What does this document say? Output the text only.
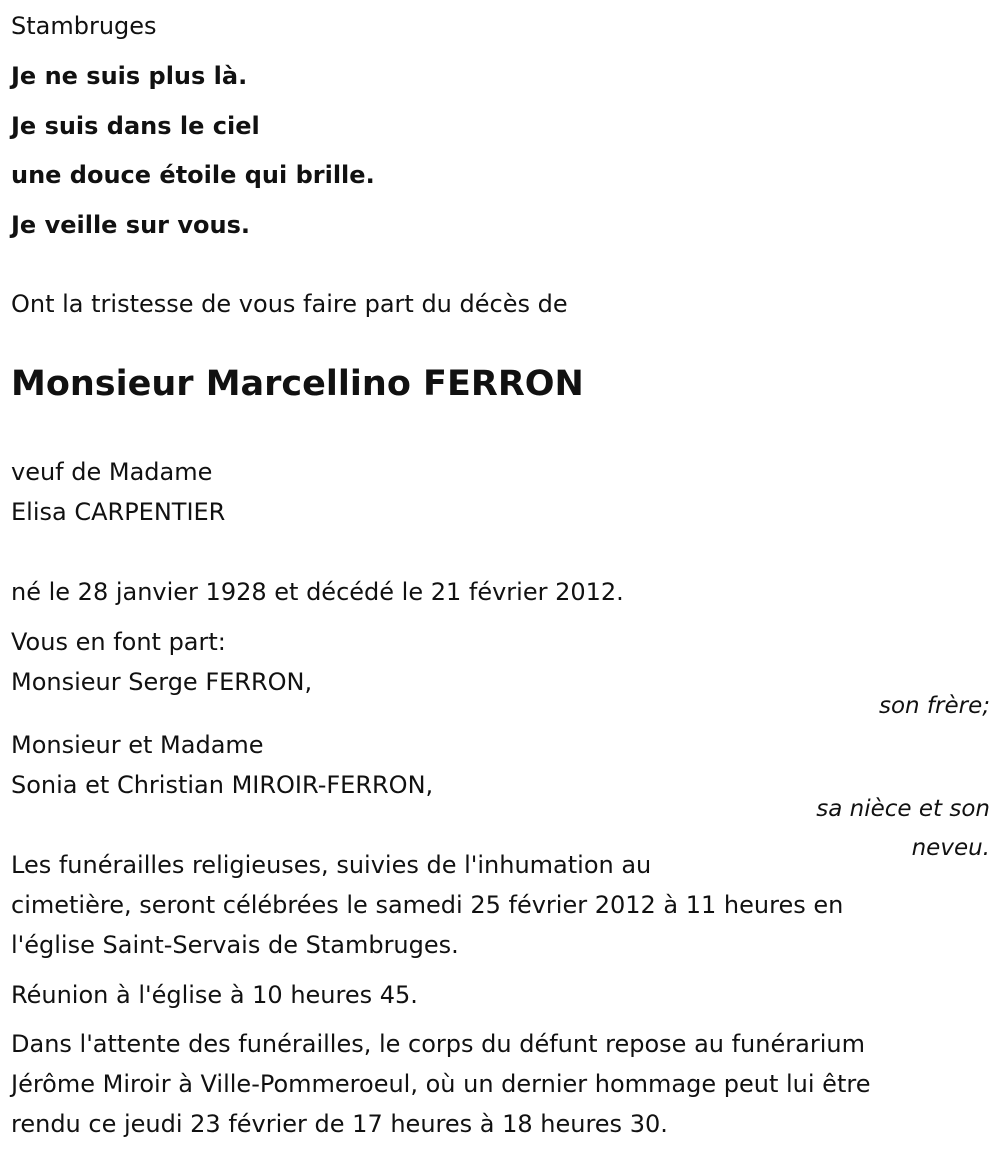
Stambruges
Je ne suis plus là.
Je suis dans le ciel
une douce étoile qui brille.
Je veille sur vous.
Ont la tristesse de vous faire part du décès de
Monsieur Marcellino FERRON
veuf de Madame
Elisa CARPENTIER
né le 28 janvier 1928 et décédé le 21 février 2012.
Vous en font part:
Monsieur Serge FERRON,
son frère;
Monsieur et Madame
Sonia et Christian MIROIR-FERRON,
sa nièce et son
neveu.
Les funérailles religieuses, suivies de l'inhumation au
cimetière, seront célébrées le samedi 25 février 2012 à 11 heures en
l'église Saint-Servais de Stambruges.
Réunion à l'église à 10 heures 45.
Dans l'attente des funérailles, le corps du défunt repose au funérarium
Jérôme Miroir à Ville-Pommeroeul, où un dernier hommage peut lui être
rendu ce jeudi 23 février de 17 heures à 18 heures 30.
